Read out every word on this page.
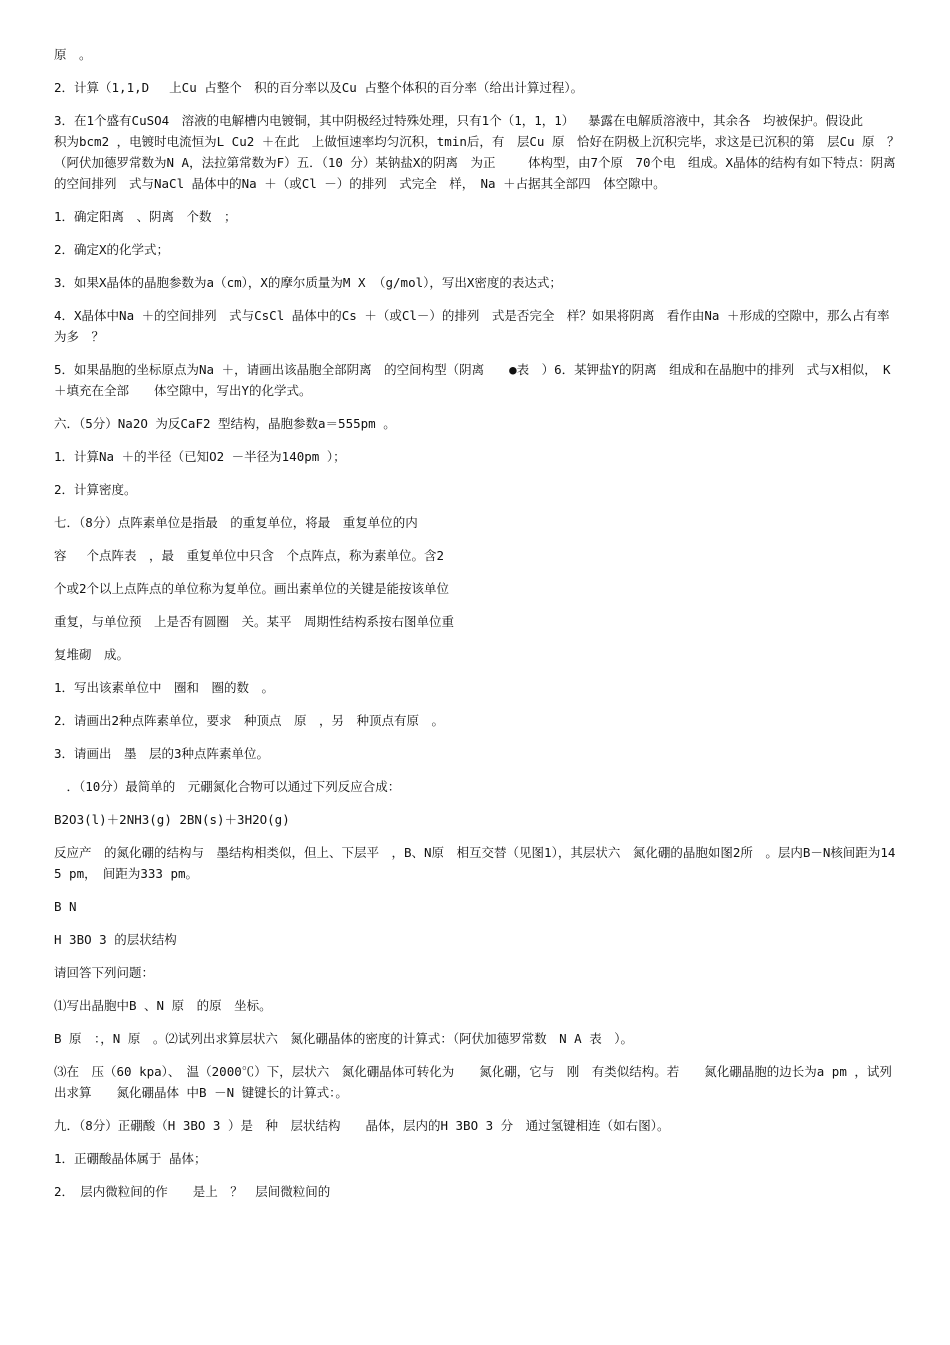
原　。

2．计算（1,1,D　 上Cu 占整个　积的百分率以及Cu 占整个体积的百分率（给出计算过程）。

3．在1个盛有CuSO4　溶液的电解槽内电镀铜，其中阴极经过特殊处理，只有1个（1，1，1）　 暴露在电解质溶液中，其余各　均被保护。假设此　 　积为bcm2 ，电镀时电流恒为L Cu2 ＋在此　上做恒速率均匀沉积，tmin后，有　层Cu 原　恰好在阴极上沉积完毕，求这是已沉积的第　层Cu 原　？（阿伏加德罗常数为N A，法拉第常数为F）五．（10 分）某钠盐X的阴离　为正　 　体构型，由7个原　70个电　组成。X晶体的结构有如下特点：阴离　的空间排列　式与NaCl 晶体中的Na ＋（或Cl －）的排列　式完全　样，　Na ＋占据其全部四　体空隙中。

1．确定阳离　、阴离　个数　；

2．确定X的化学式；

3．如果X晶体的晶胞参数为a（cm），X的摩尔质量为M X （g/mol），写出X密度的表达式；

4．X晶体中Na ＋的空间排列　式与CsCl 晶体中的Cs ＋（或Cl－）的排列　式是否完全　样？如果将阴离　看作由Na ＋形成的空隙中，那么占有率为多　？

5．如果晶胞的坐标原点为Na ＋，请画出该晶胞全部阴离　的空间构型（阴离　　●表　）6．某钾盐Y的阴离　组成和在晶胞中的排列　式与X相似，　K＋填充在全部　　体空隙中，写出Y的化学式。

六．（5分）Na2O 为反CaF2 型结构，晶胞参数a＝555pm 。

1．计算Na ＋的半径（已知O2 －半径为140pm ）；

2．计算密度。

七．（8分）点阵素单位是指最　的重复单位，将最　重复单位的内

容　 个点阵表　，最　重复单位中只含　个点阵点，称为素单位。含2

个或2个以上点阵点的单位称为复单位。画出素单位的关键是能按该单位

重复，与单位预　上是否有圆圈　关。某平　周期性结构系按右图单位重

复堆砌　成。

1．写出该素单位中　圈和　圈的数　。

2．请画出2种点阵素单位，要求　种顶点　原　，另　种顶点有原　。

3．请画出　墨　层的3种点阵素单位。

　．（10分）最简单的　元硼氮化合物可以通过下列反应合成：

B2O3(l)＋2NH3(g) 2BN(s)＋3H2O(g)

反应产　的氮化硼的结构与　墨结构相类似，但上、下层平　，B、N原　相互交替（见图1），其层状六　氮化硼的晶胞如图2所　。层内B－N核间距为145 pm，　间距为333 pm。

B N

H 3BO 3 的层状结构

请回答下列问题：

⑴写出晶胞中B 、N 原　的原　坐标。

B 原　：，N 原　。⑵试列出求算层状六　氮化硼晶体的密度的计算式：（阿伏加德罗常数　N A 表　）。

⑶在　压（60 kpa）、　温（2000℃）下，层状六　氮化硼晶体可转化为　　氮化硼，它与　刚　有类似结构。若　　氮化硼晶胞的边长为a pm ，试列出求算　　氮化硼晶体 中B －N 键键长的计算式：。

九．（8分）正硼酸（H 3BO 3 ）是　种　层状结构　　晶体，层内的H 3BO 3 分　通过氢键相连（如右图）。

1．正硼酸晶体属于 晶体；

2．　层内微粒间的作　　是上　？　层间微粒间的
